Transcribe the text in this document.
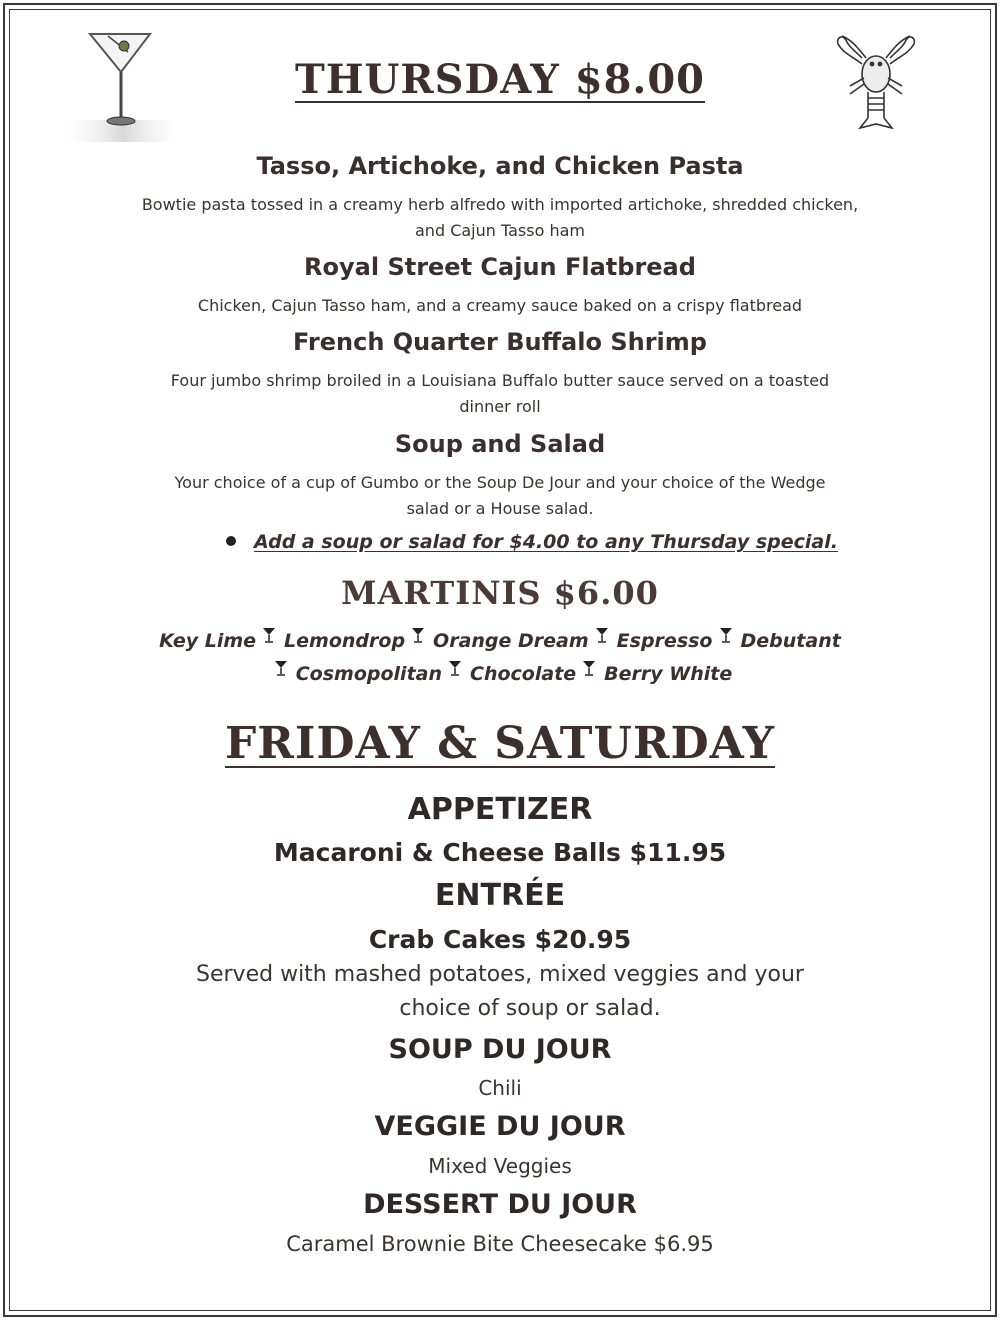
THURSDAY $8.00
Tasso, Artichoke, and Chicken Pasta
Bowtie pasta tossed in a creamy herb alfredo with imported artichoke, shredded chicken, and Cajun Tasso ham
Royal Street Cajun Flatbread
Chicken, Cajun Tasso ham, and a creamy sauce baked on a crispy flatbread
French Quarter Buffalo Shrimp
Four jumbo shrimp broiled in a Louisiana Buffalo butter sauce served on a toasted dinner roll
Soup and Salad
Your choice of a cup of Gumbo or the Soup De Jour and your choice of the Wedge salad or a House salad.
Add a soup or salad for $4.00 to any Thursday special.
MARTINIS $6.00
Key Lime Lemondrop Orange Dream Espresso Debutant
Cosmopolitan Chocolate Berry White
FRIDAY & SATURDAY
APPETIZER
Macaroni & Cheese Balls $11.95
ENTRÉE
Crab Cakes $20.95
Served with mashed potatoes, mixed veggies and your
choice of soup or salad.
SOUP DU JOUR
Chili
VEGGIE DU JOUR
Mixed Veggies
DESSERT DU JOUR
Caramel Brownie Bite Cheesecake $6.95
